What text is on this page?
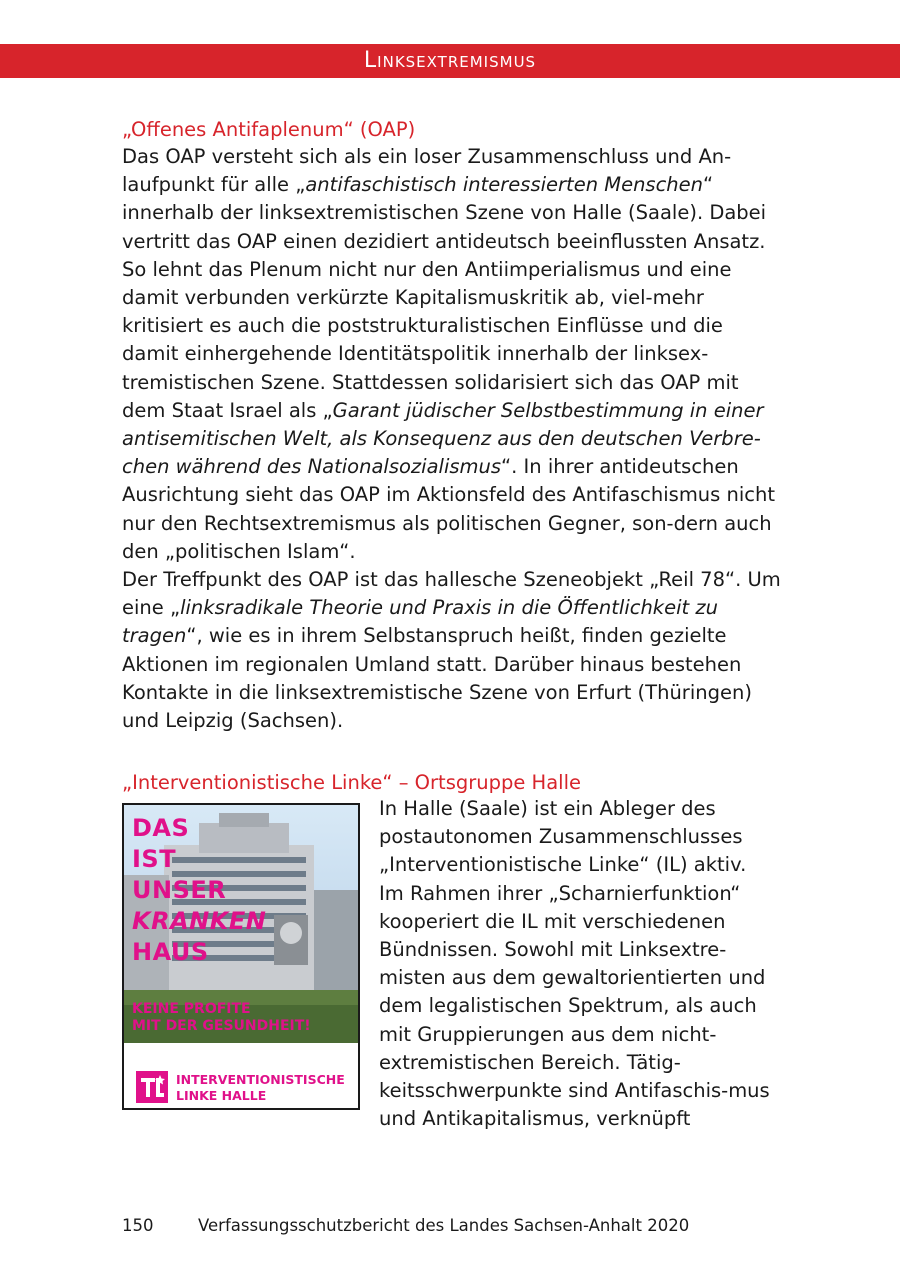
Linksextremismus
„Offenes Antifaplenum“ (OAP)

Das OAP versteht sich als ein loser Zusammenschluss und An-laufpunkt für alle „antifaschistisch interessierten Menschen“ innerhalb der linksextremistischen Szene von Halle (Saale). Dabei vertritt das OAP einen dezidiert antideutsch beeinflussten Ansatz. So lehnt das Plenum nicht nur den Antiimperialismus und eine damit verbunden verkürzte Kapitalismuskritik ab, viel-mehr kritisiert es auch die poststrukturalistischen Einflüsse und die damit einhergehende Identitätspolitik innerhalb der linksex-tremistischen Szene. Stattdessen solidarisiert sich das OAP mit dem Staat Israel als „Garant jüdischer Selbstbestimmung in einer antisemitischen Welt, als Konsequenz aus den deutschen Verbre-chen während des Nationalsozialismus“. In ihrer antideutschen Ausrichtung sieht das OAP im Aktionsfeld des Antifaschismus nicht nur den Rechtsextremismus als politischen Gegner, son-dern auch den „politischen Islam“.

Der Treffpunkt des OAP ist das hallesche Szeneobjekt „Reil 78“. Um eine „linksradikale Theorie und Praxis in die Öffentlichkeit zu tragen“, wie es in ihrem Selbstanspruch heißt, finden gezielte Aktionen im regionalen Umland statt. Darüber hinaus bestehen Kontakte in die linksextremistische Szene von Erfurt (Thüringen) und Leipzig (Sachsen).

„Interventionistische Linke“ – Ortsgruppe Halle
DAS
IST
UNSER
KRANKEN
HAUS
KEINE PROFITE
MIT DER GESUNDHEIT!
INTERVENTIONISTISCHE
LINKE HALLE

In Halle (Saale) ist ein Ableger des postautonomen Zusammenschlusses „Interventionistische Linke“ (IL) aktiv. Im Rahmen ihrer „Scharnierfunktion“ kooperiert die IL mit verschiedenen Bündnissen. Sowohl mit Linksextre-misten aus dem gewaltorientierten und dem legalistischen Spektrum, als auch mit Gruppierungen aus dem nicht-extremistischen Bereich. Tätig-keitsschwerpunkte sind Antifaschis-mus und Antikapitalismus, verknüpft

150	Verfassungsschutzbericht des Landes Sachsen-Anhalt 2020
